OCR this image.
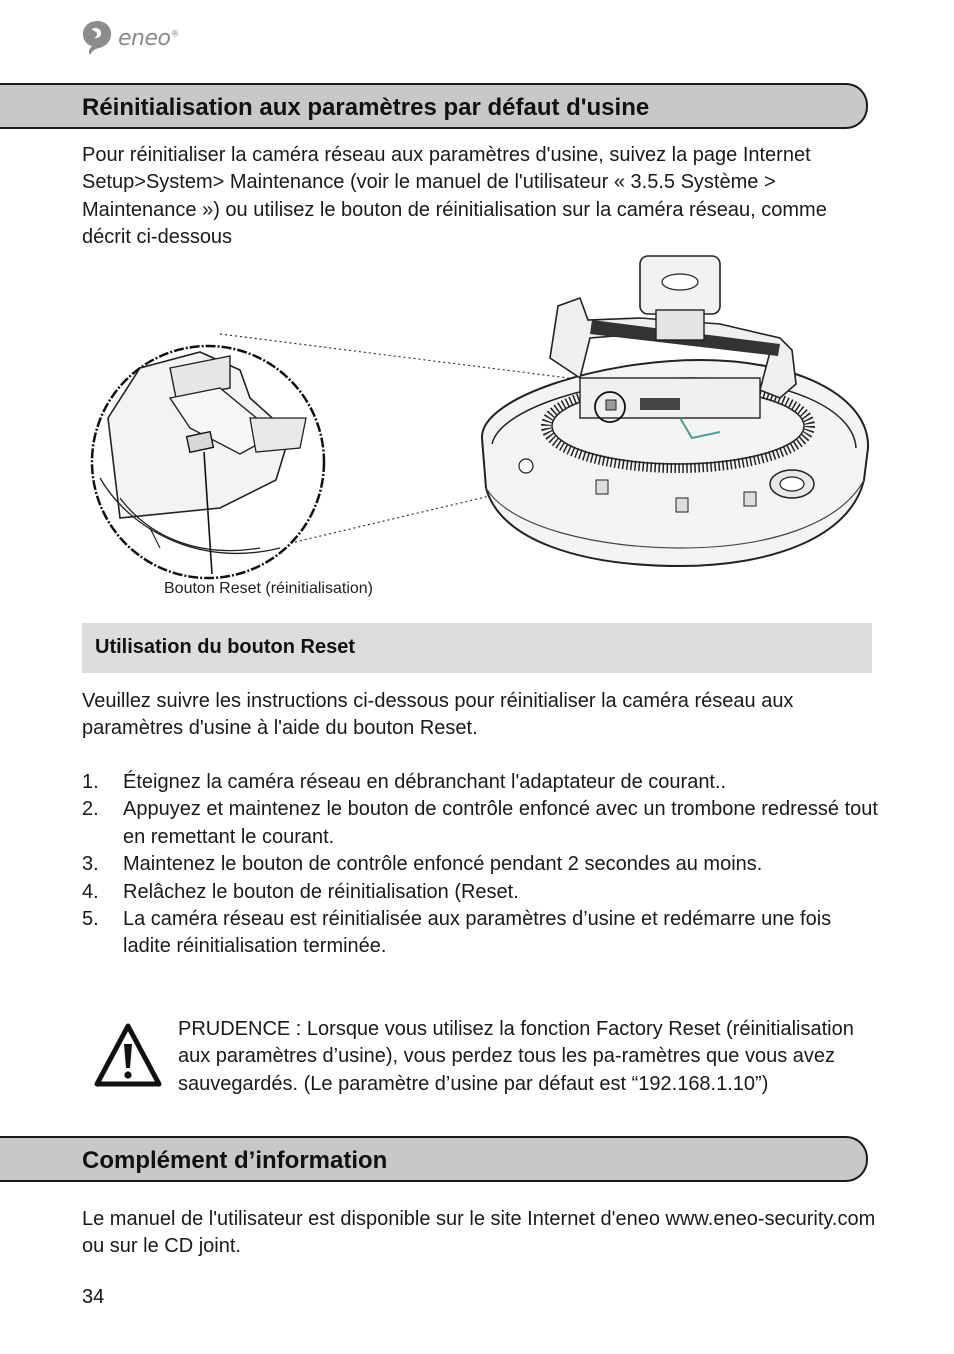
eneo®
Réinitialisation aux paramètres par défaut d'usine

Pour réinitialiser la caméra réseau aux paramètres d'usine, suivez la page Internet Setup>System> Maintenance (voir le manuel de l'utilisateur « 3.5.5 Système > Maintenance ») ou utilisez le bouton de réinitialisation sur la caméra réseau, comme décrit ci-dessous

Bouton Reset (réinitialisation)
Utilisation du bouton Reset

Veuillez suivre les instructions ci-dessous pour réinitialiser la caméra réseau aux paramètres d'usine à l'aide du bouton Reset.

1. Éteignez la caméra réseau en débranchant l'adaptateur de courant..
2. Appuyez et maintenez le bouton de contrôle enfoncé avec un trombone redressé tout en remettant le courant.
3. Maintenez le bouton de contrôle enfoncé pendant 2 secondes au moins.
4. Relâchez le bouton de réinitialisation (Reset.
5. La caméra réseau est réinitialisée aux paramètres d’usine et redémarre une fois ladite réinitialisation terminée.

PRUDENCE : Lorsque vous utilisez la fonction Factory Reset (réinitialisation aux paramètres d’usine), vous perdez tous les pa-ramètres que vous avez sauvegardés. (Le paramètre d’usine par défaut est “192.168.1.10”)

Complément d’information

Le manuel de l'utilisateur est disponible sur le site Internet d'eneo www.eneo-security.com ou sur le CD joint.

34
